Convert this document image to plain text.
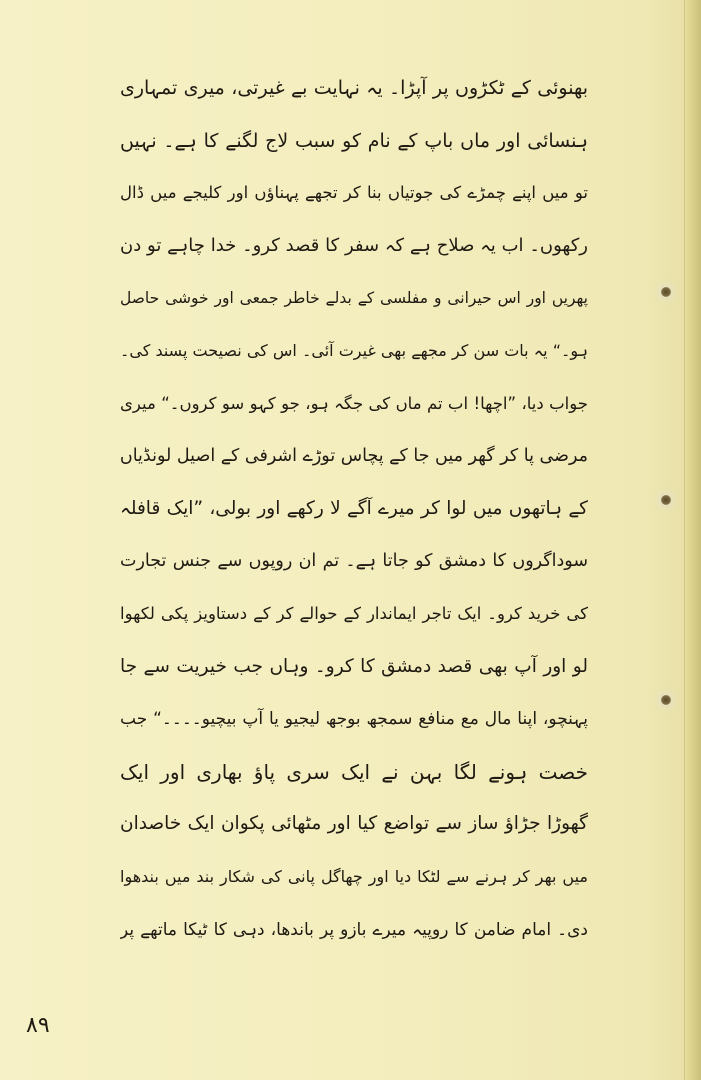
بھنوئی کے ٹکڑوں پر آپڑا۔ یہ نہایت بے غیرتی، میری تمہاری
ہنسائی اور ماں باپ کے نام کو سبب لاج لگنے کا ہے۔ نہیں
تو میں اپنے چمڑے کی جوتیاں بنا کر تجھے پہناؤں اور کلیجے میں ڈال
رکھوں۔ اب یہ صلاح ہے کہ سفر کا قصد کرو۔ خدا چاہے تو دن
پھریں اور اس حیرانی و مفلسی کے بدلے خاطر جمعی اور خوشی حاصل
ہو۔“ یہ بات سن کر مجھے بھی غیرت آئی۔ اس کی نصیحت پسند کی۔
جواب دیا، ”اچھا! اب تم ماں کی جگہ ہو، جو کہو سو کروں۔“ میری
مرضی پا کر گھر میں جا کے پچاس توڑے اشرفی کے اصیل لونڈیاں
کے ہاتھوں میں لوا کر میرے آگے لا رکھے اور بولی، ”ایک قافلہ
سوداگروں کا دمشق کو جاتا ہے۔ تم ان روپوں سے جنس تجارت
کی خرید کرو۔ ایک تاجر ایماندار کے حوالے کر کے دستاویز پکی لکھوا
لو اور آپ بھی قصد دمشق کا کرو۔ وہاں جب خیریت سے جا
پہنچو، اپنا مال مع منافع سمجھ بوجھ لیجیو یا آپ بیچیو۔۔۔۔“ جب
خصت ہونے لگا بہن نے ایک سری پاؤ بھاری اور ایک
گھوڑا جڑاؤ ساز سے تواضع کیا اور مٹھائی پکوان ایک خاصدان
میں بھر کر ہرنے سے لٹکا دیا اور چھاگل پانی کی شکار بند میں بندھوا
دی۔ امام ضامن کا روپیہ میرے بازو پر باندھا، دہی کا ٹیکا ماتھے پر
٨٩
